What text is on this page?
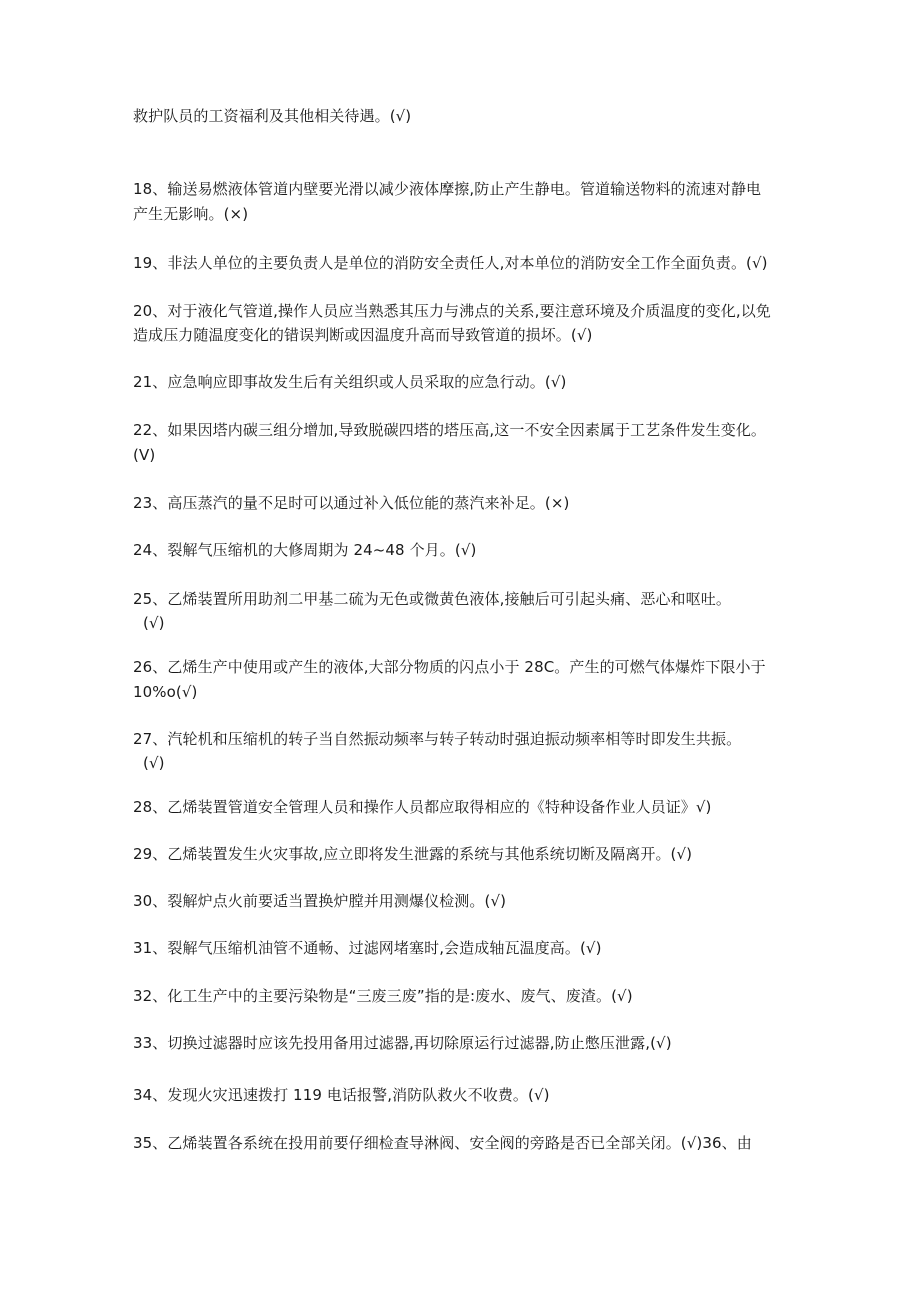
救护队员的工资福利及其他相关待遇。(√)
18、输送易燃液体管道内壁要光滑以减少液体摩擦,防止产生静电。管道输送物料的流速对静电
产生无影响。(×)
19、非法人单位的主要负责人是单位的消防安全责任人,对本单位的消防安全工作全面负责。(√)
20、对于液化气管道,操作人员应当熟悉其压力与沸点的关系,要注意环境及介质温度的变化,以免
造成压力随温度变化的错误判断或因温度升高而导致管道的损坏。(√)
21、应急响应即事故发生后有关组织或人员采取的应急行动。(√)
22、如果因塔内碳三组分增加,导致脱碳四塔的塔压高,这一不安全因素属于工艺条件发生变化。
(V)
23、高压蒸汽的量不足时可以通过补入低位能的蒸汽来补足。(×)
24、裂解气压缩机的大修周期为 24~48 个月。(√)
25、乙烯装置所用助剂二甲基二硫为无色或微黄色液体,接触后可引起头痛、恶心和呕吐。
(√)
26、乙烯生产中使用或产生的液体,大部分物质的闪点小于 28C。产生的可燃气体爆炸下限小于
10%o(√)
27、汽轮机和压缩机的转子当自然振动频率与转子转动时强迫振动频率相等时即发生共振。
(√)
28、乙烯装置管道安全管理人员和操作人员都应取得相应的《特种设备作业人员证》√)
29、乙烯装置发生火灾事故,应立即将发生泄露的系统与其他系统切断及隔离开。(√)
30、裂解炉点火前要适当置换炉膛并用测爆仪检测。(√)
31、裂解气压缩机油管不通畅、过滤网堵塞时,会造成轴瓦温度高。(√)
32、化工生产中的主要污染物是“三废三废”指的是:废水、废气、废渣。(√)
33、切换过滤器时应该先投用备用过滤器,再切除原运行过滤器,防止憋压泄露,(√)
34、发现火灾迅速拨打 119 电话报警,消防队救火不收费。(√)
35、乙烯装置各系统在投用前要仔细检查导淋阀、安全阀的旁路是否已全部关闭。(√)36、由
